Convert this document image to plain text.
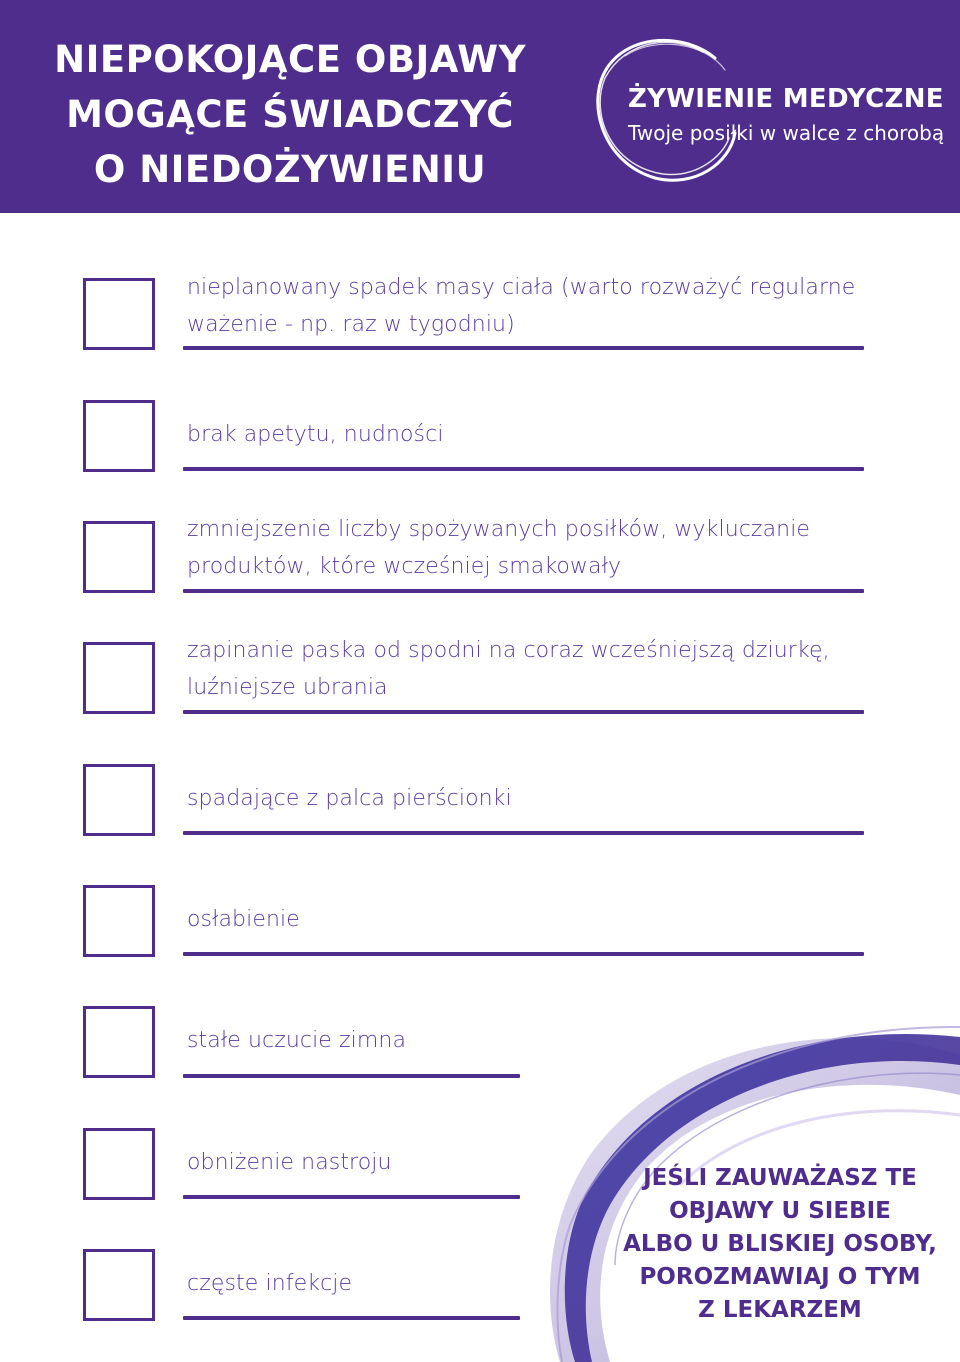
NIEPOKOJĄCE OBJAWY
MOGĄCE ŚWIADCZYĆ
O NIEDOŻYWIENIU
ŻYWIENIE MEDYCZNE
Twoje posiłki w walce z chorobą
nieplanowany spadek masy ciała (warto rozważyć regularne
ważenie - np. raz w tygodniu)
brak apetytu, nudności
zmniejszenie liczby spożywanych posiłków, wykluczanie
produktów, które wcześniej smakowały
zapinanie paska od spodni na coraz wcześniejszą dziurkę,
luźniejsze ubrania
spadające z palca pierścionki
osłabienie
stałe uczucie zimna
obniżenie nastroju
częste infekcje
JEŚLI ZAUWAŻASZ TE
OBJAWY U SIEBIE
ALBO U BLISKIEJ OSOBY,
POROZMAWIAJ O TYM
Z LEKARZEM
